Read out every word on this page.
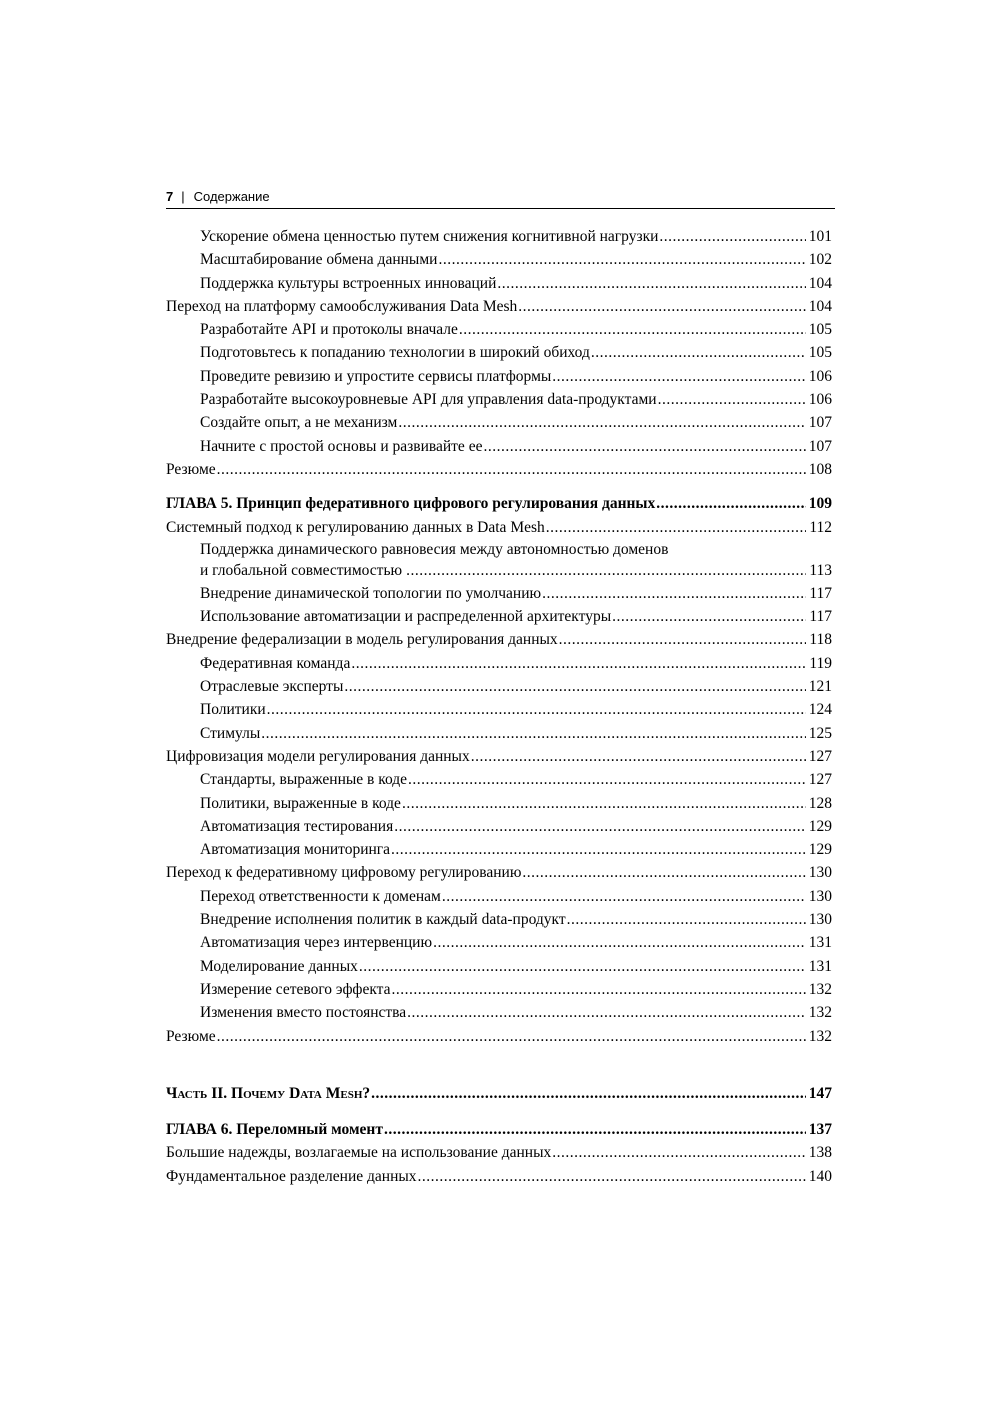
7 | Содержание
Ускорение обмена ценностью путем снижения когнитивной нагрузки .....	101
Масштабирование обмена данными .....	102
Поддержка культуры встроенных инноваций .....	104
Переход на платформу самообслуживания Data Mesh .....	104
Разработайте API и протоколы вначале .....	105
Подготовьтесь к попаданию технологии в широкий обиход .....	105
Проведите ревизию и упростите сервисы платформы .....	106
Разработайте высокоуровневые API для управления data-продуктами .....	106
Создайте опыт, а не механизм .....	107
Начните с простой основы и развивайте ее .....	107
Резюме .....	108
ГЛАВА 5. Принцип федеративного цифрового регулирования данных .....	109
Системный подход к регулированию данных в Data Mesh .....	112
Поддержка динамического равновесия между автономностью доменов
и глобальной совместимостью .....	113
Внедрение динамической топологии по умолчанию .....	117
Использование автоматизации и распределенной архитектуры .....	117
Внедрение федерализации в модель регулирования данных .....	118
Федеративная команда .....	119
Отраслевые эксперты .....	121
Политики .....	124
Стимулы .....	125
Цифровизация модели регулирования данных .....	127
Стандарты, выраженные в коде .....	127
Политики, выраженные в коде .....	128
Автоматизация тестирования .....	129
Автоматизация мониторинга .....	129
Переход к федеративному цифровому регулированию .....	130
Переход ответственности к доменам .....	130
Внедрение исполнения политик в каждый data-продукт .....	130
Автоматизация через интервенцию .....	131
Моделирование данных .....	131
Измерение сетевого эффекта .....	132
Изменения вместо постоянства .....	132
Резюме .....	132
Часть II. Почему Data Mesh? .....	147
ГЛАВА 6. Переломный момент .....	137
Большие надежды, возлагаемые на использование данных .....	138
Фундаментальное разделение данных .....	140
